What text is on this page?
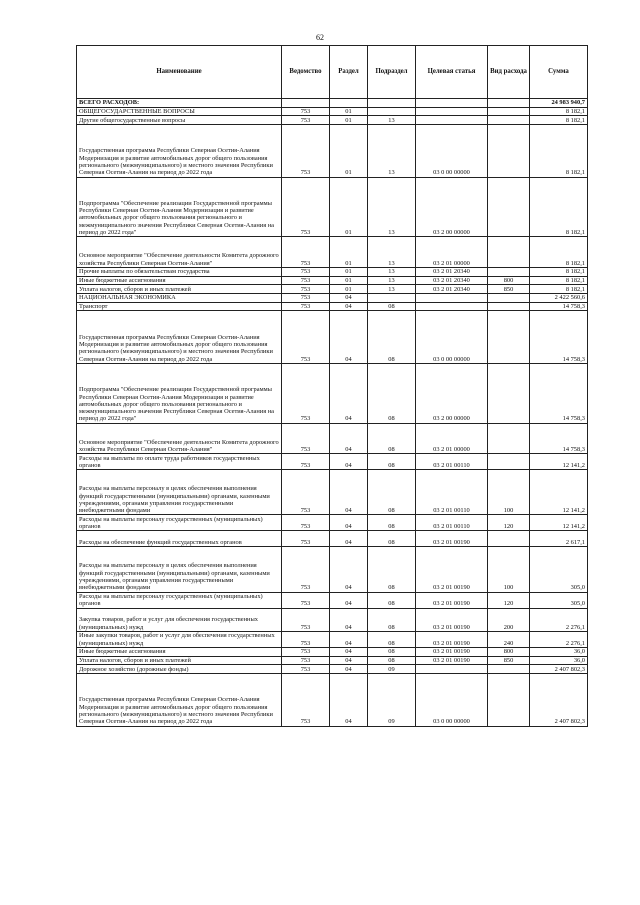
62
Наименование	Ведомство	Раздел	Подраздел	Целевая статья	Вид расхода	Сумма
ВСЕГО РАСХОДОВ:						24 983 940,7
ОБЩЕГОСУДАРСТВЕННЫЕ ВОПРОСЫ	753	01				8 182,1
Другие общегосударственные вопросы	753	01	13			8 182,1
Государственная программа Республики Северная Осетия-Алания Модернизация и развитие автомобильных дорог общего пользования регионального (межмуниципального) и местного значения Республики Северная Осетия-Алания на период до 2022 года	753	01	13	03 0 00 00000		8 182,1
Подпрограмма "Обеспечение реализации Государственной программы Республики Северная Осетия-Алания Модернизация и развитие автомобильных дорог общего пользования регионального и межмуниципального значения Республики Северная Осетия-Алания на период до 2022 года"	753	01	13	03 2 00 00000		8 182,1
Основное мероприятие "Обеспечение деятельности Комитета дорожного хозяйства Республики Северная Осетия-Алания"	753	01	13	03 2 01 00000		8 182,1
Прочие выплаты по обязательствам государства	753	01	13	03 2 01 20340		8 182,1
Иные бюджетные ассигнования	753	01	13	03 2 01 20340	800	8 182,1
Уплата налогов, сборов и иных платежей	753	01	13	03 2 01 20340	850	8 182,1
НАЦИОНАЛЬНАЯ ЭКОНОМИКА	753	04				2 422 560,6
Транспорт	753	04	08			14 758,3
Государственная программа Республики Северная Осетия-Алания Модернизация и развитие автомобильных дорог общего пользования регионального (межмуниципального) и местного значения Республики Северная Осетия-Алания на период до 2022 года	753	04	08	03 0 00 00000		14 758,3
Подпрограмма "Обеспечение реализации Государственной программы Республики Северная Осетия-Алания Модернизация и развитие автомобильных дорог общего пользования регионального и межмуниципального значения Республики Северная Осетия-Алания на период до 2022 года"	753	04	08	03 2 00 00000		14 758,3
Основное мероприятие "Обеспечение деятельности Комитета дорожного хозяйства Республики Северная Осетия-Алания"	753	04	08	03 2 01 00000		14 758,3
Расходы на выплаты по оплате труда работников государственных органов	753	04	08	03 2 01 00110		12 141,2
Расходы на выплаты персоналу в целях обеспечения выполнения функций государственными (муниципальными) органами, казенными учреждениями, органами управления государственными внебюджетными фондами	753	04	08	03 2 01 00110	100	12 141,2
Расходы на выплаты персоналу государственных (муниципальных) органов	753	04	08	03 2 01 00110	120	12 141,2
Расходы на обеспечение функций государственных органов	753	04	08	03 2 01 00190		2 617,1
Расходы на выплаты персоналу в целях обеспечения выполнения функций государственными (муниципальными) органами, казенными учреждениями, органами управления государственными внебюджетными фондами	753	04	08	03 2 01 00190	100	305,0
Расходы на выплаты персоналу государственных (муниципальных) органов	753	04	08	03 2 01 00190	120	305,0
Закупка товаров, работ и услуг для обеспечения государственных (муниципальных) нужд	753	04	08	03 2 01 00190	200	2 276,1
Иные закупки товаров, работ и услуг для обеспечения государственных (муниципальных) нужд	753	04	08	03 2 01 00190	240	2 276,1
Иные бюджетные ассигнования	753	04	08	03 2 01 00190	800	36,0
Уплата налогов, сборов и иных платежей	753	04	08	03 2 01 00190	850	36,0
Дорожное хозяйство (дорожные фонды)	753	04	09			2 407 802,3
Государственная программа Республики Северная Осетия-Алания Модернизация и развитие автомобильных дорог общего пользования регионального (межмуниципального) и местного значения Республики Северная Осетия-Алания на период до 2022 года	753	04	09	03 0 00 00000		2 407 802,3
